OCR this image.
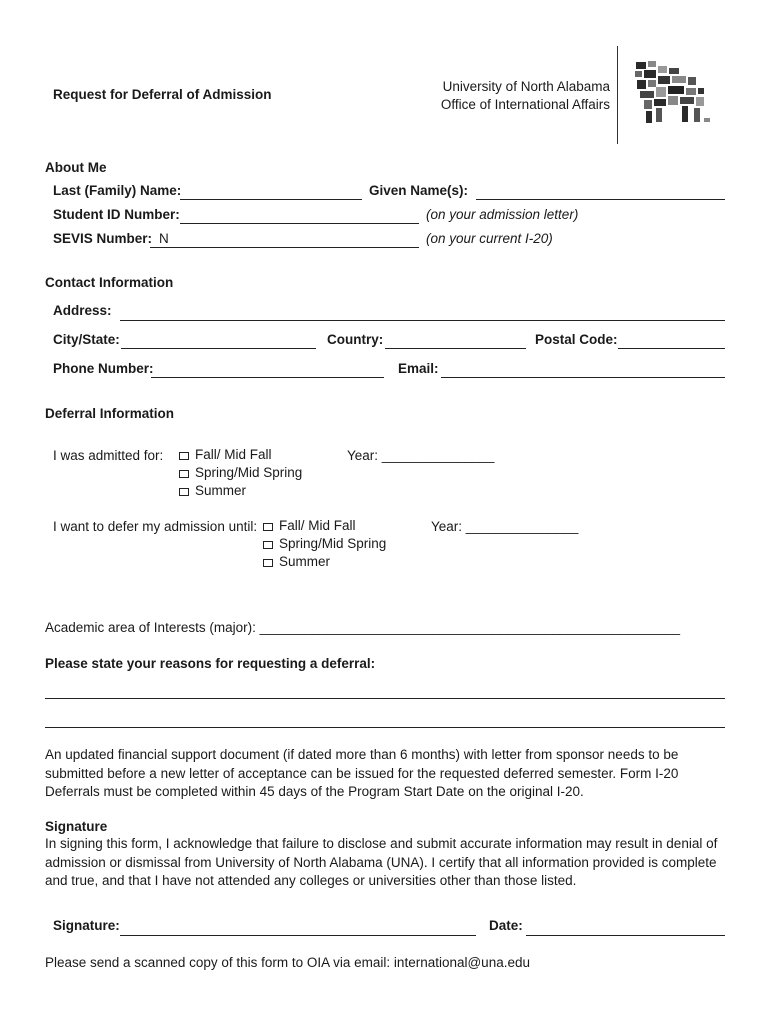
Request for Deferral of Admission
University of North Alabama
Office of International Affairs
About Me
Last (Family) Name:	Given Name(s):
Student ID Number:	(on your admission letter)
SEVIS Number: N	(on your current I-20)
Contact Information
Address:
City/State:	Country:	Postal Code:
Phone Number:	Email:
Deferral Information
I was admitted for: Fall/ Mid Fall
Spring/Mid Spring
Summer
Year: _______________
I want to defer my admission until: Fall/ Mid Fall
Spring/Mid Spring
Summer
Year: _______________
Academic area of Interests (major): ________________________________________________________
Please state your reasons for requesting a deferral:
An updated financial support document (if dated more than 6 months) with letter from sponsor needs to be submitted before a new letter of acceptance can be issued for the requested deferred semester. Form I-20 Deferrals must be completed within 45 days of the Program Start Date on the original I-20.
Signature
In signing this form, I acknowledge that failure to disclose and submit accurate information may result in denial of admission or dismissal from University of North Alabama (UNA). I certify that all information provided is complete and true, and that I have not attended any colleges or universities other than those listed.
Signature:	Date:
Please send a scanned copy of this form to OIA via email: international@una.edu
